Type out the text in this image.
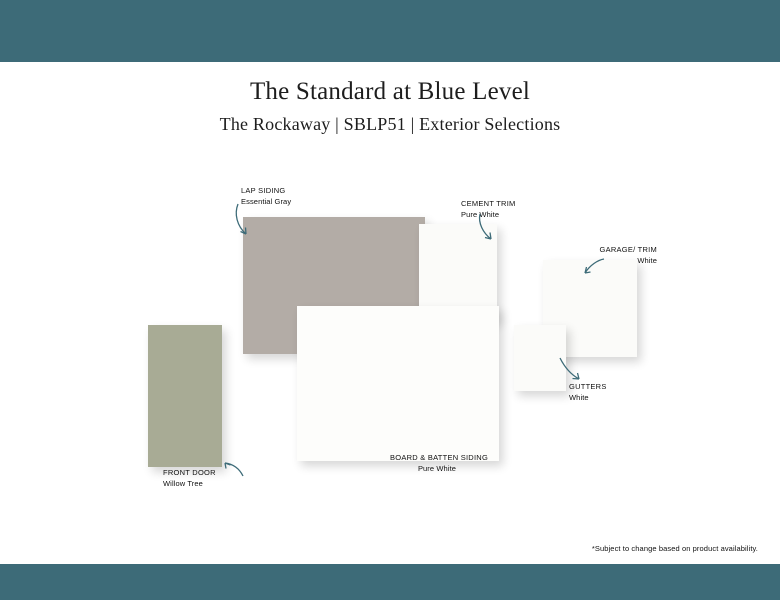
The Standard at Blue Level

The Rockaway | SBLP51 | Exterior Selections

LAP SIDING
Essential Gray	CEMENT TRIM
Pure White
GARAGE/ TRIM
White
GUTTERS
White
BOARD & BATTEN SIDING
Pure White
FRONT DOOR
Willow Tree
*Subject to change based on product availability.
